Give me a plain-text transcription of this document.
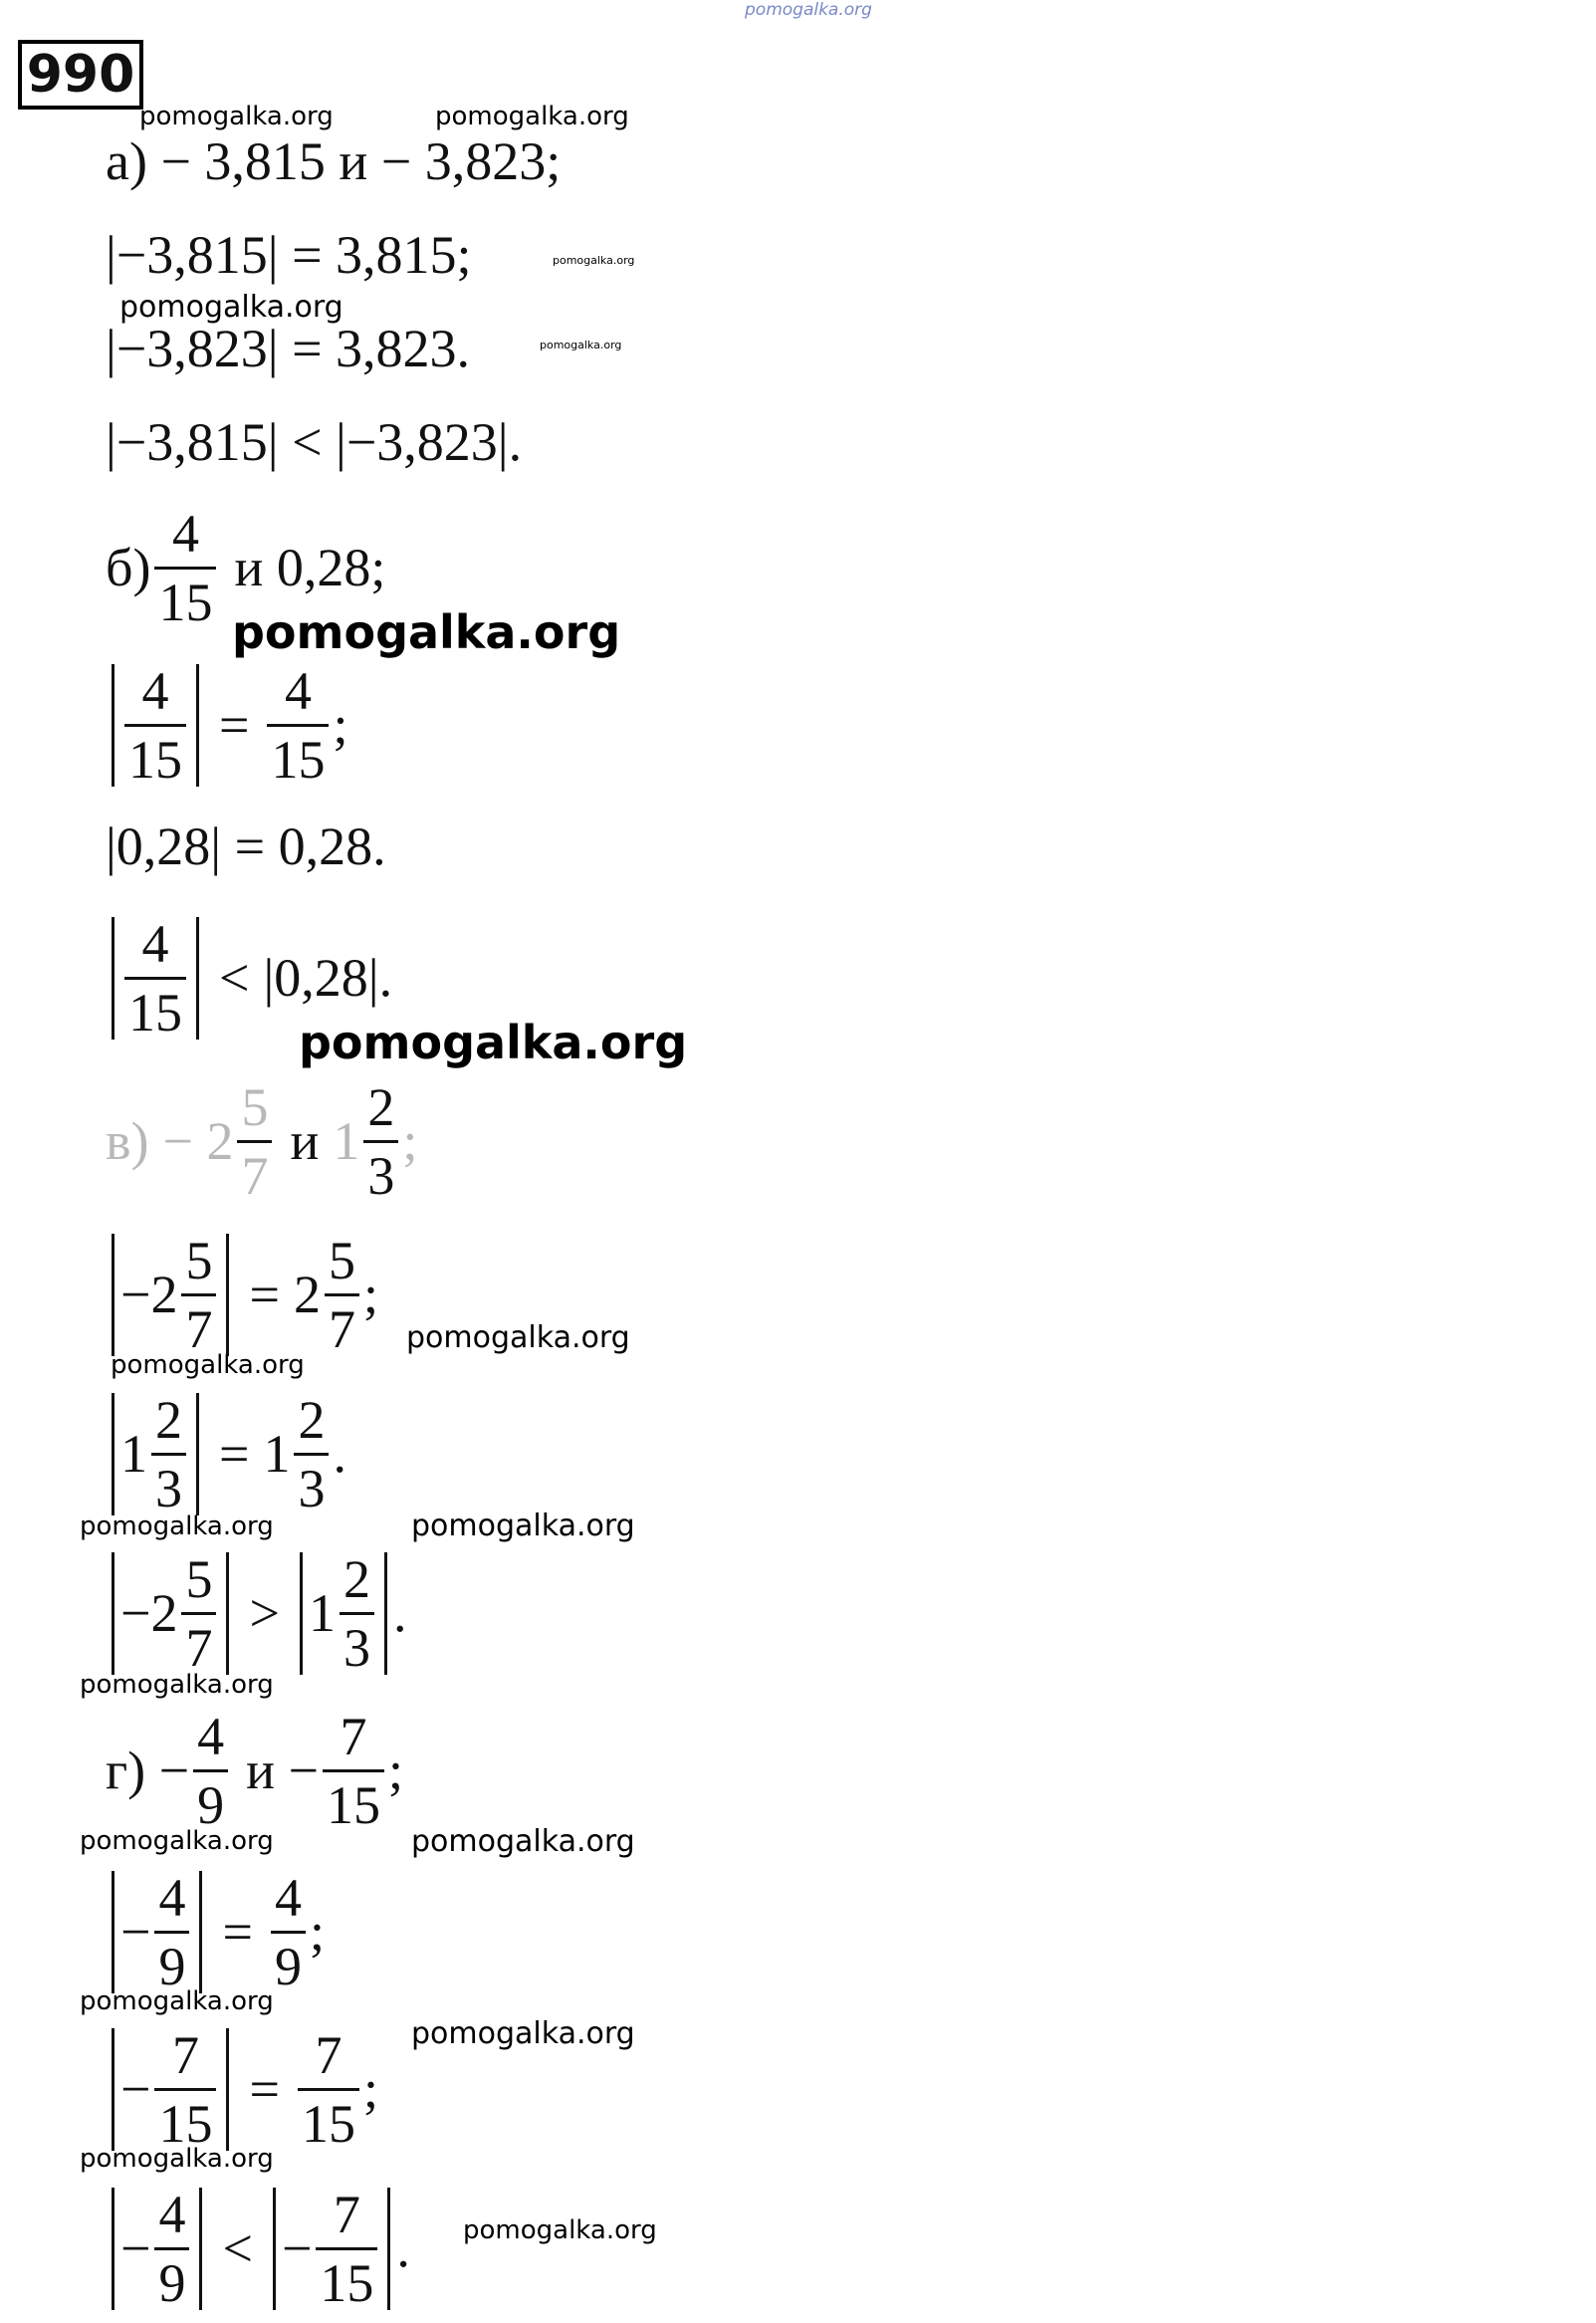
pomogalka.org
990
pomogalka.org	pomogalka.org
pomogalka.org
pomogalka.org
pomogalka.org
pomogalka.org
pomogalka.org
pomogalka.org
pomogalka.org
pomogalka.org	pomogalka.org
pomogalka.org
pomogalka.org	pomogalka.org
pomogalka.org
pomogalka.org
pomogalka.org
pomogalka.org
а) − 3,815 и − 3,823;
|−3,815| = 3,815;
|−3,823| = 3,823.
|−3,815| < |−3,823|.
$б) \frac{4}{15}$ и 0,28;
$\frac{4}{15} = \frac{4}{15}$ ;
|0,28| = 0,28.
$\frac{4}{15} < |0,28|$.
$в) - 2 \frac{5}{7}$ и $1 \frac{2}{3}$ ;
$-2 \frac{5}{7} = 2 \frac{5}{7}$ ;
$1 \frac{2}{3} = 1 \frac{2}{3}$ .
$-2 \frac{5}{7} > 1 \frac{2}{3}$ .
$г) - \frac{4}{9}$ $и - \frac{7}{15}$ ;
− $\frac{4}{9} = \frac{4}{9}$ ;
− $\frac{7}{15} = \frac{7}{15}$ ;
− $\frac{4}{9}$ < − $\frac{7}{15}$ .
